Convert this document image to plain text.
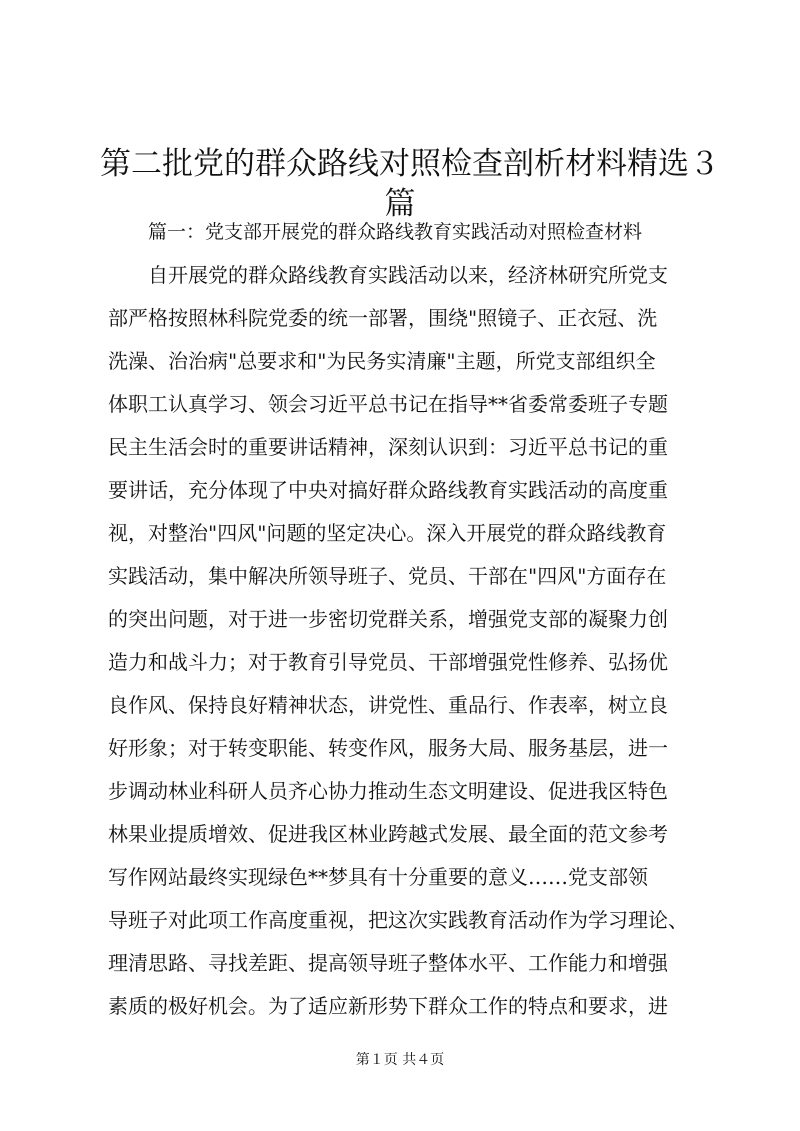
第二批党的群众路线对照检查剖析材料精选３
篇
篇一：党支部开展党的群众路线教育实践活动对照检查材料
自开展党的群众路线教育实践活动以来，经济林研究所党支
部严格按照林科院党委的统一部署，围绕"照镜子、正衣冠、洗
洗澡、治治病"总要求和"为民务实清廉"主题，所党支部组织全
体职工认真学习、领会习近平总书记在指导**省委常委班子专题
民主生活会时的重要讲话精神，深刻认识到：习近平总书记的重
要讲话，充分体现了中央对搞好群众路线教育实践活动的高度重
视，对整治"四风"问题的坚定决心。深入开展党的群众路线教育
实践活动，集中解决所领导班子、党员、干部在"四风"方面存在
的突出问题，对于进一步密切党群关系，增强党支部的凝聚力创
造力和战斗力；对于教育引导党员、干部增强党性修养、弘扬优
良作风、保持良好精神状态，讲党性、重品行、作表率，树立良
好形象；对于转变职能、转变作风，服务大局、服务基层，进一
步调动林业科研人员齐心协力推动生态文明建设、促进我区特色
林果业提质增效、促进我区林业跨越式发展、最全面的范文参考
写作网站最终实现绿色**梦具有十分重要的意义……党支部领
导班子对此项工作高度重视，把这次实践教育活动作为学习理论、
理清思路、寻找差距、提高领导班子整体水平、工作能力和增强
素质的极好机会。为了适应新形势下群众工作的特点和要求，进
第１页 共４页
